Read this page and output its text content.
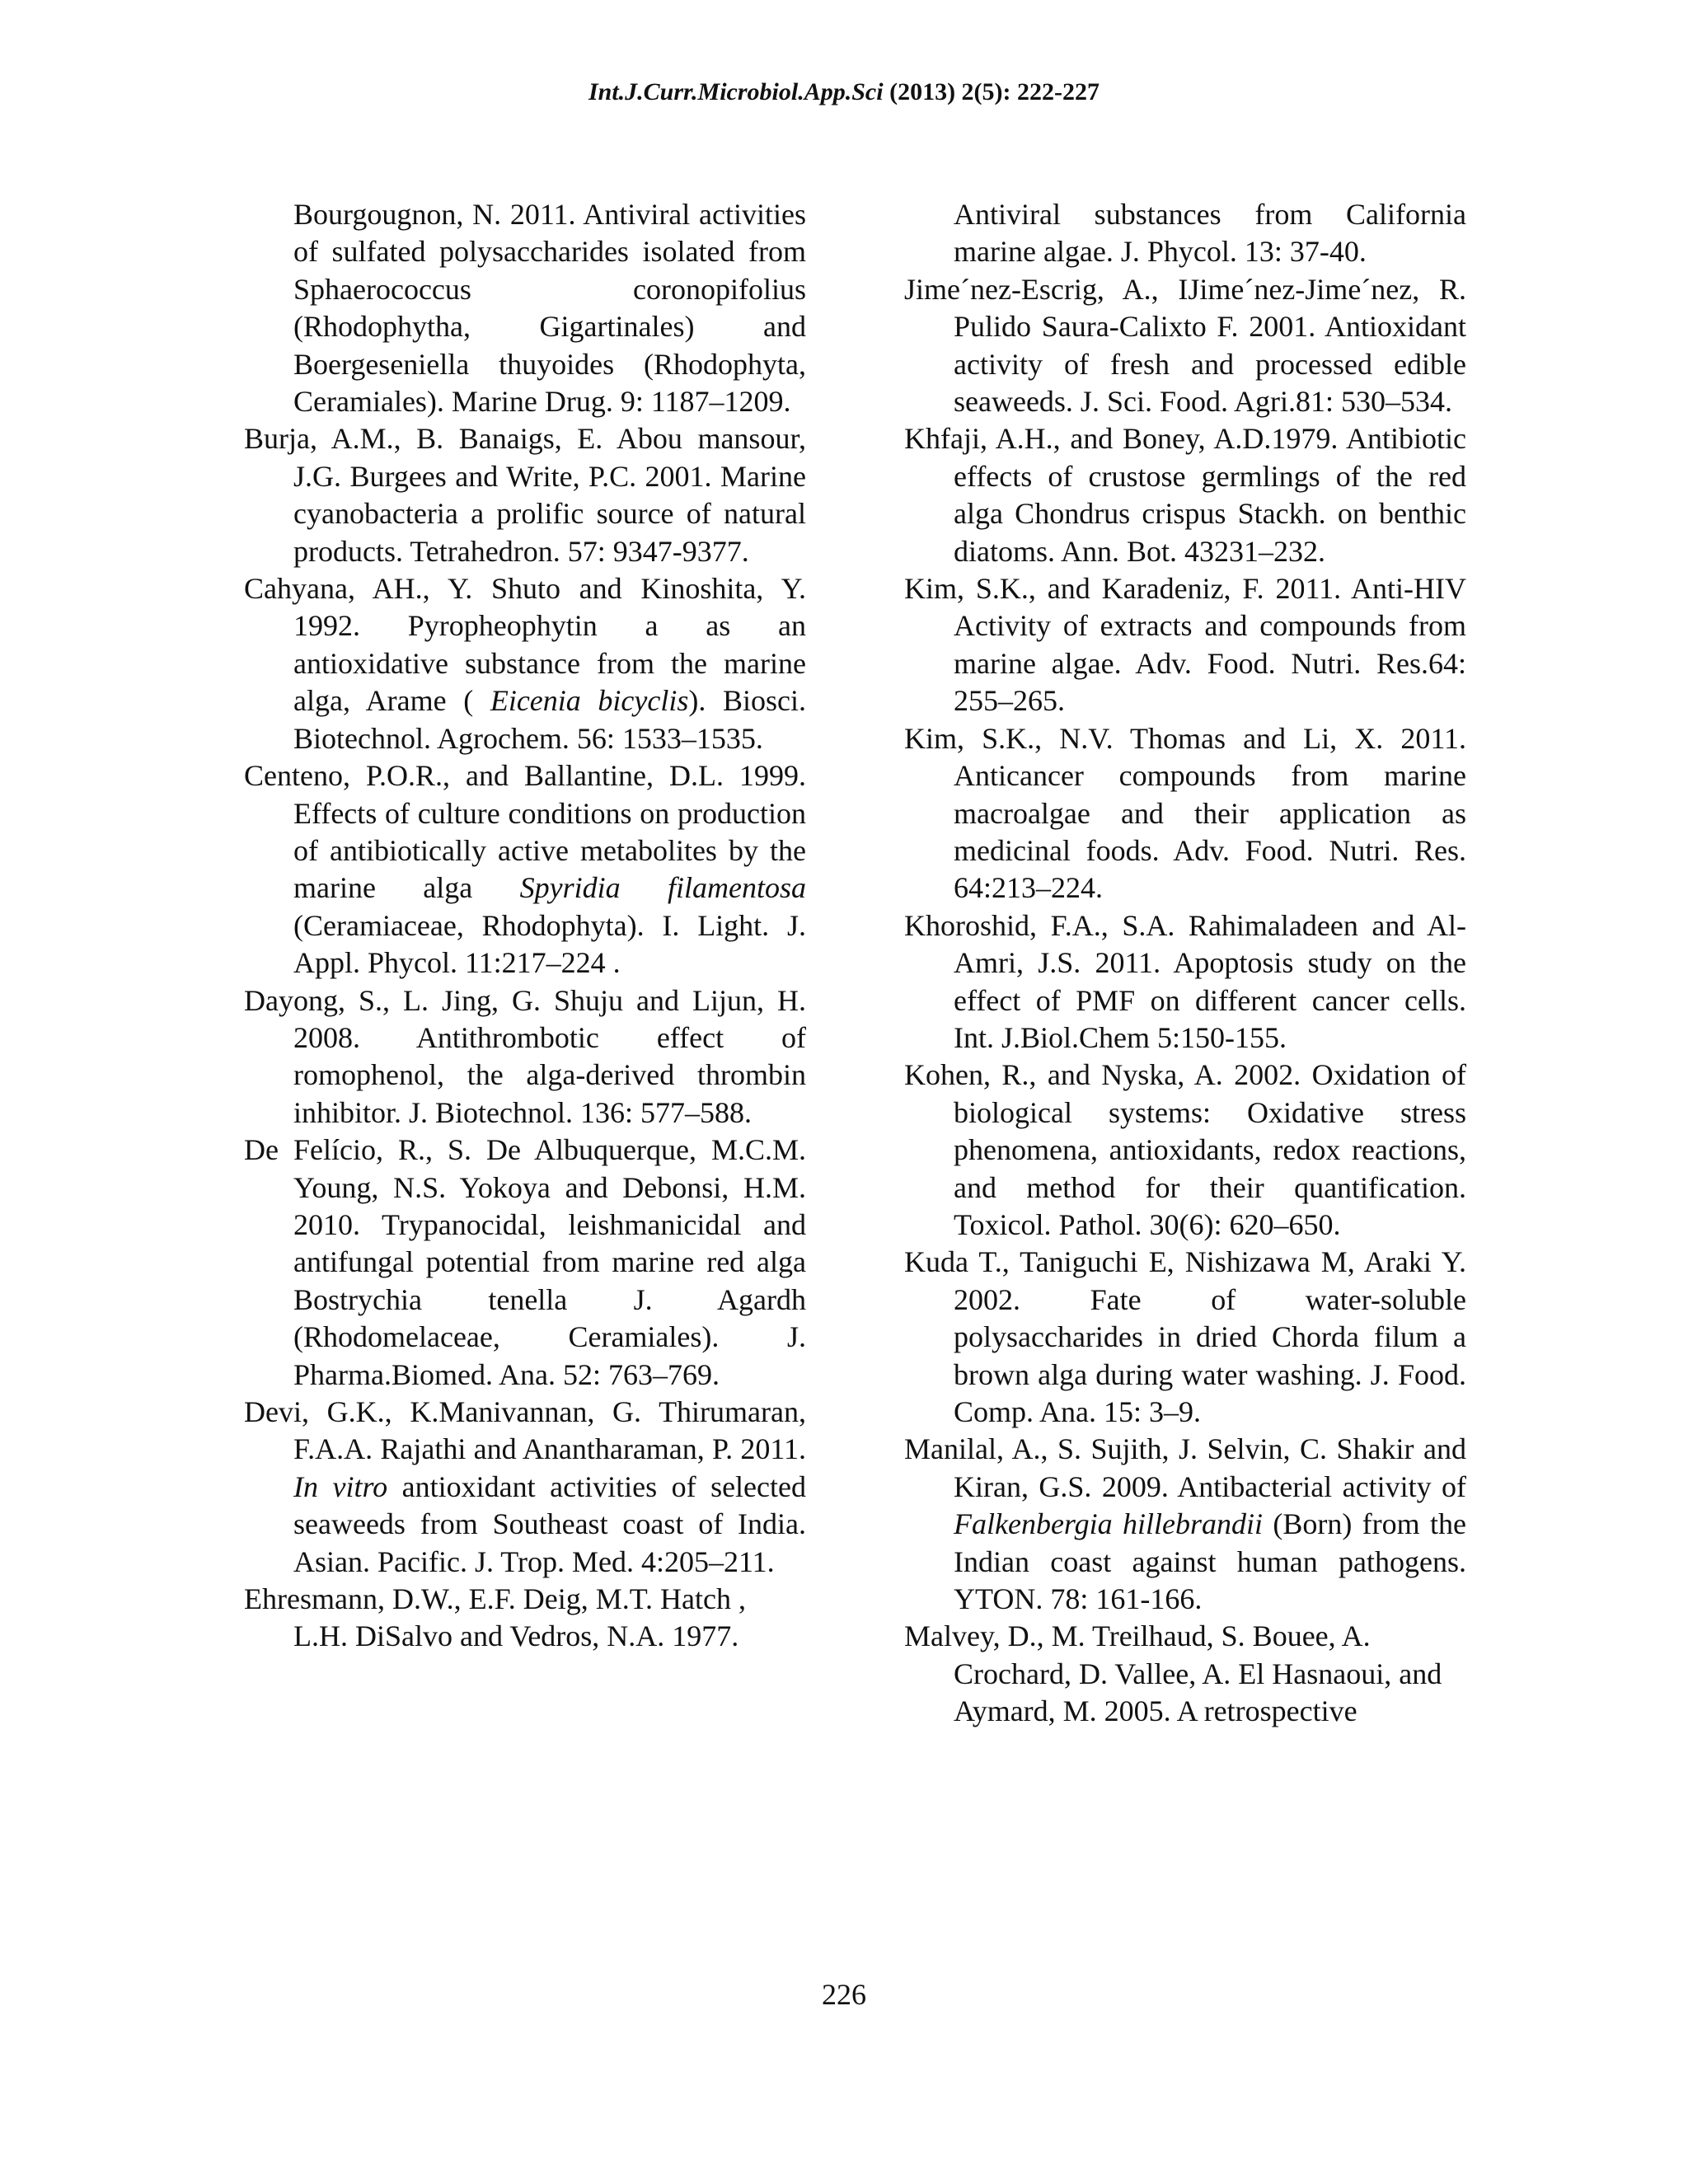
Int.J.Curr.Microbiol.App.Sci (2013) 2(5): 222-227

Bourgougnon, N. 2011. Antiviral activities of sulfated polysaccharides isolated from Sphaerococcus coronopifolius (Rhodophytha, Gigartinales) and Boergeseniella thuyoides (Rhodophyta, Ceramiales). Marine Drug. 9: 1187–1209.

Burja, A.M., B. Banaigs, E. Abou mansour, J.G. Burgees and Write, P.C. 2001. Marine cyanobacteria a prolific source of natural products. Tetrahedron. 57: 9347-9377.

Cahyana, AH., Y. Shuto and Kinoshita, Y. 1992. Pyropheophytin a as an antioxidative substance from the marine alga, Arame ( Eicenia bicyclis). Biosci. Biotechnol. Agrochem. 56: 1533–1535.

Centeno, P.O.R., and Ballantine, D.L. 1999. Effects of culture conditions on production of antibiotically active metabolites by the marine alga Spyridia filamentosa (Ceramiaceae, Rhodophyta). I. Light. J. Appl. Phycol. 11:217–224 .

Dayong, S., L. Jing, G. Shuju and Lijun, H. 2008. Antithrombotic effect of romophenol, the alga-derived thrombin inhibitor. J. Biotechnol. 136: 577–588.

De Felício, R., S. De Albuquerque, M.C.M. Young, N.S. Yokoya and Debonsi, H.M. 2010. Trypanocidal, leishmanicidal and antifungal potential from marine red alga Bostrychia tenella J. Agardh (Rhodomelaceae, Ceramiales). J. Pharma.Biomed. Ana. 52: 763–769.

Devi, G.K., K.Manivannan, G. Thirumaran, F.A.A. Rajathi and Anantharaman, P. 2011. In vitro antioxidant activities of selected seaweeds from Southeast coast of India. Asian. Pacific. J. Trop. Med. 4:205–211.

Ehresmann, D.W., E.F. Deig, M.T. Hatch , L.H. DiSalvo and Vedros, N.A. 1977.

Antiviral substances from California marine algae. J. Phycol. 13: 37-40.

Jime´nez-Escrig, A., IJime´nez-Jime´nez, R. Pulido Saura-Calixto F. 2001. Antioxidant activity of fresh and processed edible seaweeds. J. Sci. Food. Agri.81: 530–534.

Khfaji, A.H., and Boney, A.D.1979. Antibiotic effects of crustose germlings of the red alga Chondrus crispus Stackh. on benthic diatoms. Ann. Bot. 43231–232.

Kim, S.K., and Karadeniz, F. 2011. Anti-HIV Activity of extracts and compounds from marine algae. Adv. Food. Nutri. Res.64: 255–265.

Kim, S.K., N.V. Thomas and Li, X. 2011. Anticancer compounds from marine macroalgae and their application as medicinal foods. Adv. Food. Nutri. Res. 64:213–224.

Khoroshid, F.A., S.A. Rahimaladeen and Al-Amri, J.S. 2011. Apoptosis study on the effect of PMF on different cancer cells. Int. J.Biol.Chem 5:150-155.

Kohen, R., and Nyska, A. 2002. Oxidation of biological systems: Oxidative stress phenomena, antioxidants, redox reactions, and method for their quantification. Toxicol. Pathol. 30(6): 620–650.

Kuda T., Taniguchi E, Nishizawa M, Araki Y. 2002. Fate of water-soluble polysaccharides in dried Chorda filum a brown alga during water washing. J. Food. Comp. Ana. 15: 3–9.

Manilal, A., S. Sujith, J. Selvin, C. Shakir and Kiran, G.S. 2009. Antibacterial activity of Falkenbergia hillebrandii (Born) from the Indian coast against human pathogens. YTON. 78: 161-166.

Malvey, D., M. Treilhaud, S. Bouee, A. Crochard, D. Vallee, A. El Hasnaoui, and Aymard, M. 2005. A retrospective

226
